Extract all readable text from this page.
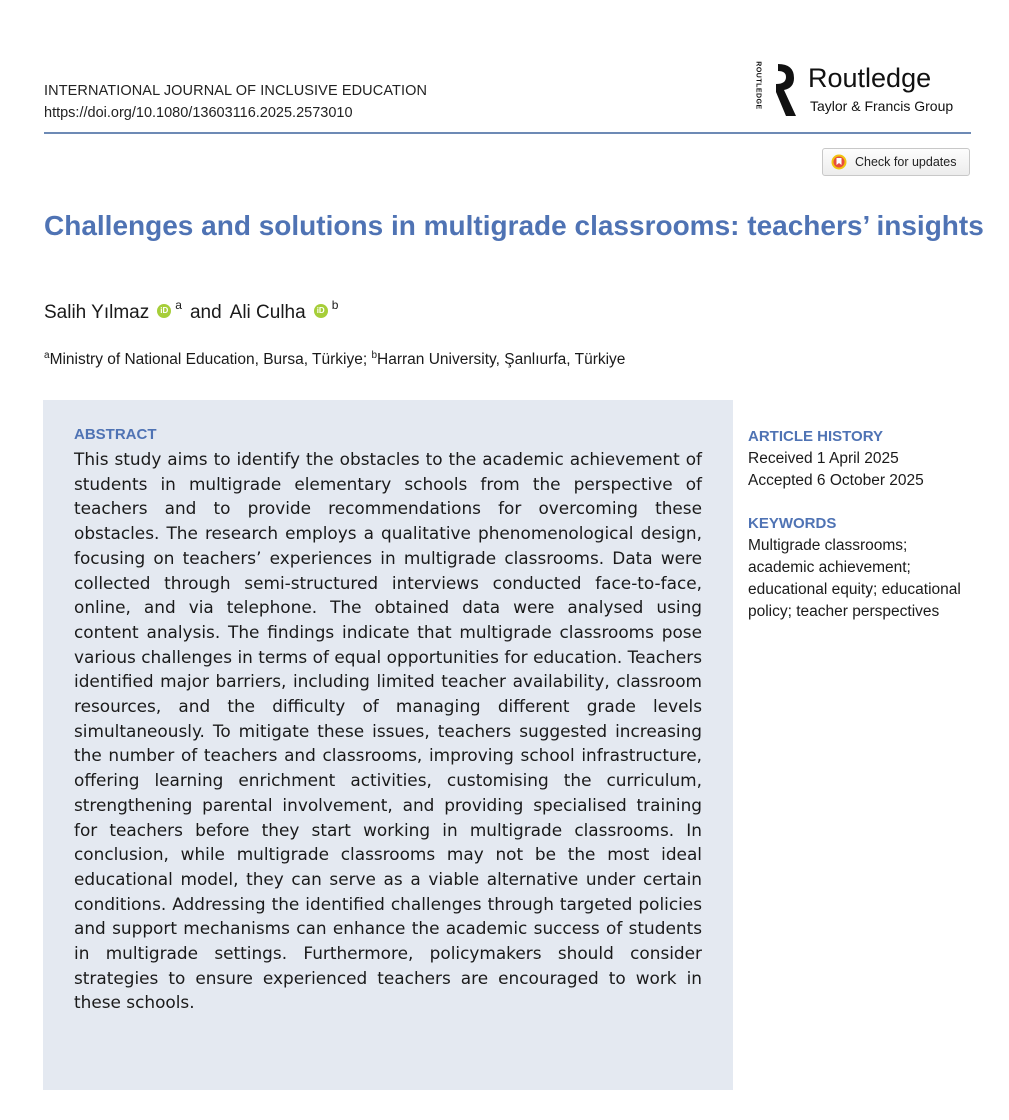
INTERNATIONAL JOURNAL OF INCLUSIVE EDUCATION
https://doi.org/10.1080/13603116.2025.2573010
ROUTLEDGE Routledge
Taylor & Francis Group
Check for updates
Challenges and solutions in multigrade classrooms: teachers’ insights
Salih Yılmaz	iD a and Ali Culha	iD b
$^a$Ministry of National Education, Bursa, Türkiye; $^b$Harran University, Şanlıurfa, Türkiye
ABSTRACT
This study aims to identify the obstacles to the academic achievement of students in multigrade elementary schools from the perspective of teachers and to provide recommendations for overcoming these obstacles. The research employs a qualitative phenomenological design, focusing on teachers’ experiences in multigrade classrooms. Data were collected through semi-structured interviews conducted face-to-face, online, and via telephone. The obtained data were analysed using content analysis. The findings indicate that multigrade classrooms pose various challenges in terms of equal opportunities for education. Teachers identified major barriers, including limited teacher availability, classroom resources, and the difficulty of managing different grade levels simultaneously. To mitigate these issues, teachers suggested increasing the number of teachers and classrooms, improving school infrastructure, offering learning enrichment activities, customising the curriculum, strengthening parental involvement, and providing specialised training for teachers before they start working in multigrade classrooms. In conclusion, while multigrade classrooms may not be the most ideal educational model, they can serve as a viable alternative under certain conditions. Addressing the identified challenges through targeted policies and support mechanisms can enhance the academic success of students in multigrade settings. Furthermore, policymakers should consider strategies to ensure experienced teachers are encouraged to work in these schools.
ARTICLE HISTORY
Received 1 April 2025
Accepted 6 October 2025
KEYWORDS
Multigrade classrooms; academic achievement; educational equity; educational policy; teacher perspectives
